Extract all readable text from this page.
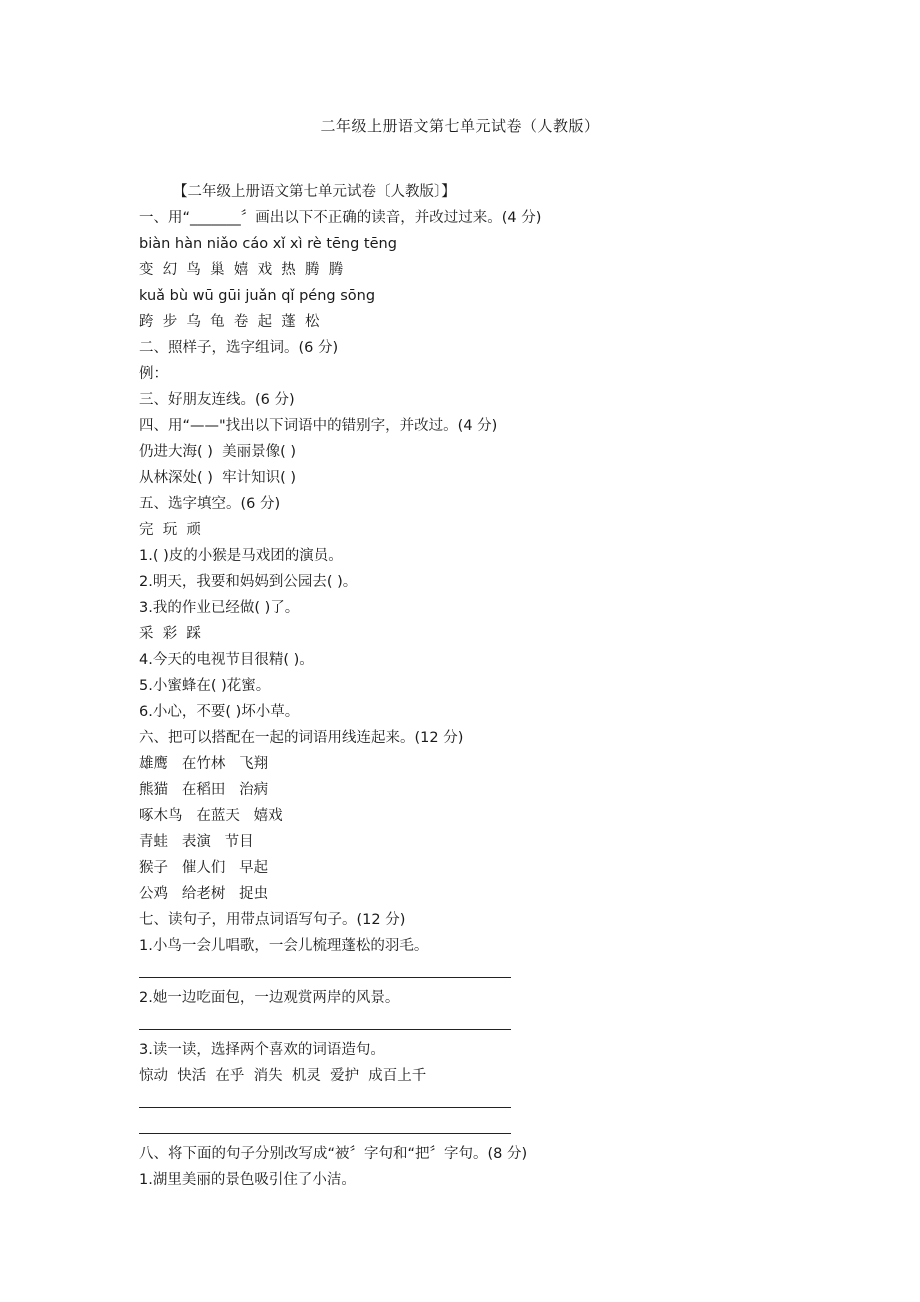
二年级上册语文第七单元试卷（人教版）
【二年级上册语文第七单元试卷〔人教版〕】
一、用“_______〞画出以下不正确的读音，并改过过来。(4 分)
biàn hàn niǎo cáo xǐ xì rè tēng tēng
变  幻  鸟  巢  嬉  戏  热  腾  腾
kuǎ bù wū gūi juǎn qǐ péng sōng
跨  步  乌  龟  卷  起  蓬  松
二、照样子，选字组词。(6 分)
例：
三、好朋友连线。(6 分)
四、用“——"找出以下词语中的错别字，并改过。(4 分)
仍进大海( )  美丽景像( )
从林深处( )  牢计知识( )
五、选字填空。(6 分)
完  玩  顽
1.( )皮的小猴是马戏团的演员。
2.明天，我要和妈妈到公园去( )。
3.我的作业已经做( )了。
采  彩  踩
4.今天的电视节目很精( )。
5.小蜜蜂在( )花蜜。
6.小心，不要( )坏小草。
六、把可以搭配在一起的词语用线连起来。(12 分)
雄鹰   在竹林   飞翔
熊猫   在稻田   治病
啄木鸟   在蓝天   嬉戏
青蛙   表演   节目
猴子   催人们   早起
公鸡   给老树   捉虫
七、读句子，用带点词语写句子。(12 分)
1.小鸟一会儿唱歌，一会儿梳理蓬松的羽毛。
2.她一边吃面包，一边观赏两岸的风景。
3.读一读，选择两个喜欢的词语造句。
惊动  快活  在乎  消失  机灵  爱护  成百上千
八、将下面的句子分别改写成“被〞字句和“把〞字句。(8 分)
1.湖里美丽的景色吸引住了小洁。
